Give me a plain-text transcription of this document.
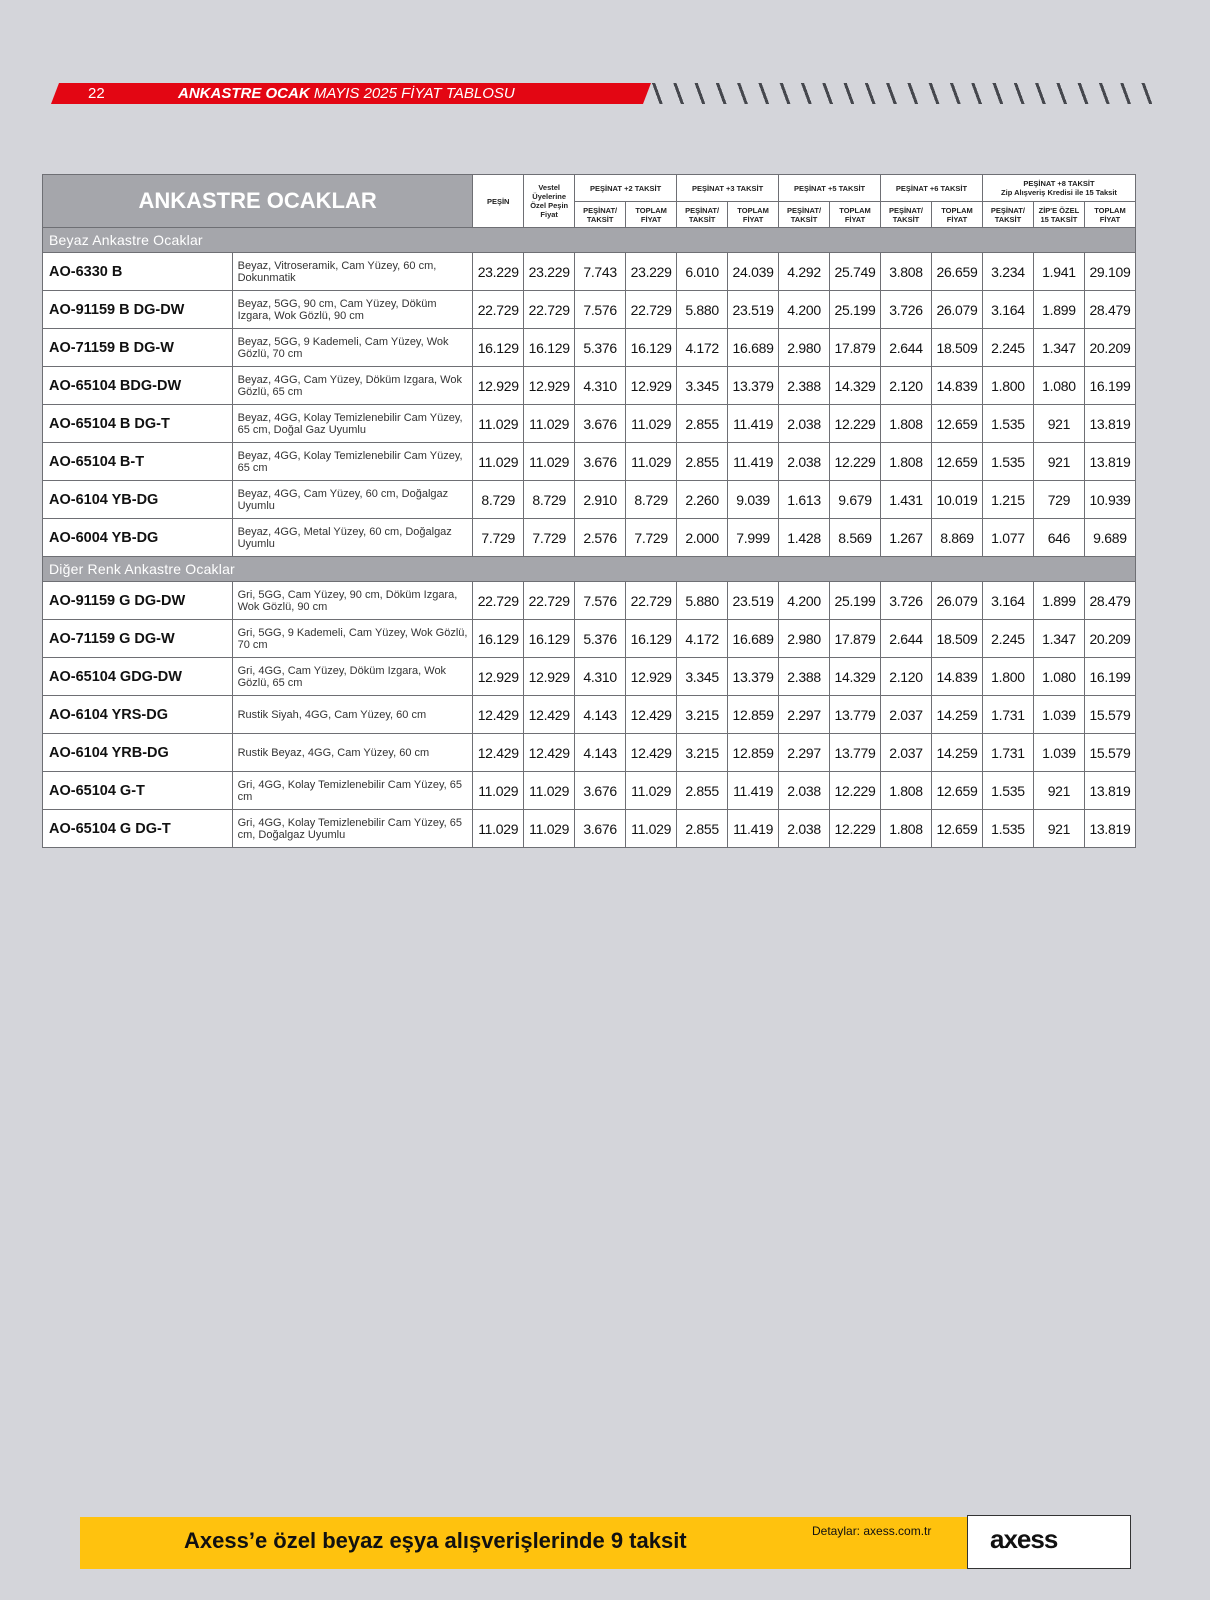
22	ANKASTRE OCAK MAYIS 2025 FİYAT TABLOSU
ANKASTRE OCAKLAR		PEŞİN	Vestel Üyelerine Özel Peşin Fiyat	PEŞİNAT +2 TAKSİT		PEŞİNAT +3 TAKSİT		PEŞİNAT +5 TAKSİT		PEŞİNAT +6 TAKSİT		PEŞİNAT +8 TAKSİT
Zip Alışveriş Kredisi ile 15 Taksit		

				PEŞİNAT/ TAKSİT	TOPLAM FİYAT	PEŞİNAT/ TAKSİT	TOPLAM FİYAT	PEŞİNAT/ TAKSİT	TOPLAM FİYAT	PEŞİNAT/ TAKSİT	TOPLAM FİYAT	PEŞİNAT/ TAKSİT	ZİP'E ÖZEL 15 TAKSİT	TOPLAM FİYAT
Beyaz Ankastre Ocaklar														
AO-6330 B	Beyaz, Vitroseramik, Cam Yüzey, 60 cm, Dokunmatik	23.229	23.229	7.743	23.229	6.010	24.039	4.292	25.749	3.808	26.659	3.234	1.941	29.109
AO-91159 B DG-DW	Beyaz, 5GG, 90 cm, Cam Yüzey, Döküm Izgara, Wok Gözlü, 90 cm	22.729	22.729	7.576	22.729	5.880	23.519	4.200	25.199	3.726	26.079	3.164	1.899	28.479
AO-71159 B DG-W	Beyaz, 5GG, 9 Kademeli, Cam Yüzey, Wok Gözlü, 70 cm	16.129	16.129	5.376	16.129	4.172	16.689	2.980	17.879	2.644	18.509	2.245	1.347	20.209
AO-65104 BDG-DW	Beyaz, 4GG, Cam Yüzey, Döküm Izgara, Wok Gözlü, 65 cm	12.929	12.929	4.310	12.929	3.345	13.379	2.388	14.329	2.120	14.839	1.800	1.080	16.199
AO-65104 B DG-T	Beyaz, 4GG, Kolay Temizlenebilir Cam Yüzey, 65 cm, Doğal Gaz Uyumlu	11.029	11.029	3.676	11.029	2.855	11.419	2.038	12.229	1.808	12.659	1.535	921	13.819
AO-65104 B-T	Beyaz, 4GG, Kolay Temizlenebilir Cam Yüzey, 65 cm	11.029	11.029	3.676	11.029	2.855	11.419	2.038	12.229	1.808	12.659	1.535	921	13.819
AO-6104 YB-DG	Beyaz, 4GG, Cam Yüzey, 60 cm, Doğalgaz Uyumlu	8.729	8.729	2.910	8.729	2.260	9.039	1.613	9.679	1.431	10.019	1.215	729	10.939
AO-6004 YB-DG	Beyaz, 4GG, Metal Yüzey, 60 cm, Doğalgaz Uyumlu	7.729	7.729	2.576	7.729	2.000	7.999	1.428	8.569	1.267	8.869	1.077	646	9.689
Diğer Renk Ankastre Ocaklar														
AO-91159 G DG-DW	Gri, 5GG, Cam Yüzey, 90 cm, Döküm Izgara, Wok Gözlü, 90 cm	22.729	22.729	7.576	22.729	5.880	23.519	4.200	25.199	3.726	26.079	3.164	1.899	28.479
AO-71159 G DG-W	Gri, 5GG, 9 Kademeli, Cam Yüzey, Wok Gözlü, 70 cm	16.129	16.129	5.376	16.129	4.172	16.689	2.980	17.879	2.644	18.509	2.245	1.347	20.209
AO-65104 GDG-DW	Gri, 4GG, Cam Yüzey, Döküm Izgara, Wok Gözlü, 65 cm	12.929	12.929	4.310	12.929	3.345	13.379	2.388	14.329	2.120	14.839	1.800	1.080	16.199
AO-6104 YRS-DG	Rustik Siyah, 4GG, Cam Yüzey, 60 cm	12.429	12.429	4.143	12.429	3.215	12.859	2.297	13.779	2.037	14.259	1.731	1.039	15.579
AO-6104 YRB-DG	Rustik Beyaz, 4GG, Cam Yüzey, 60 cm	12.429	12.429	4.143	12.429	3.215	12.859	2.297	13.779	2.037	14.259	1.731	1.039	15.579
AO-65104 G-T	Gri, 4GG, Kolay Temizlenebilir Cam Yüzey, 65 cm	11.029	11.029	3.676	11.029	2.855	11.419	2.038	12.229	1.808	12.659	1.535	921	13.819
AO-65104 G DG-T	Gri, 4GG, Kolay Temizlenebilir Cam Yüzey, 65 cm, Doğalgaz Uyumlu	11.029	11.029	3.676	11.029	2.855	11.419	2.038	12.229	1.808	12.659	1.535	921	13.819
Axess’e özel beyaz eşya alışverişlerinde 9 taksit	Detaylar: axess.com.tr axess
